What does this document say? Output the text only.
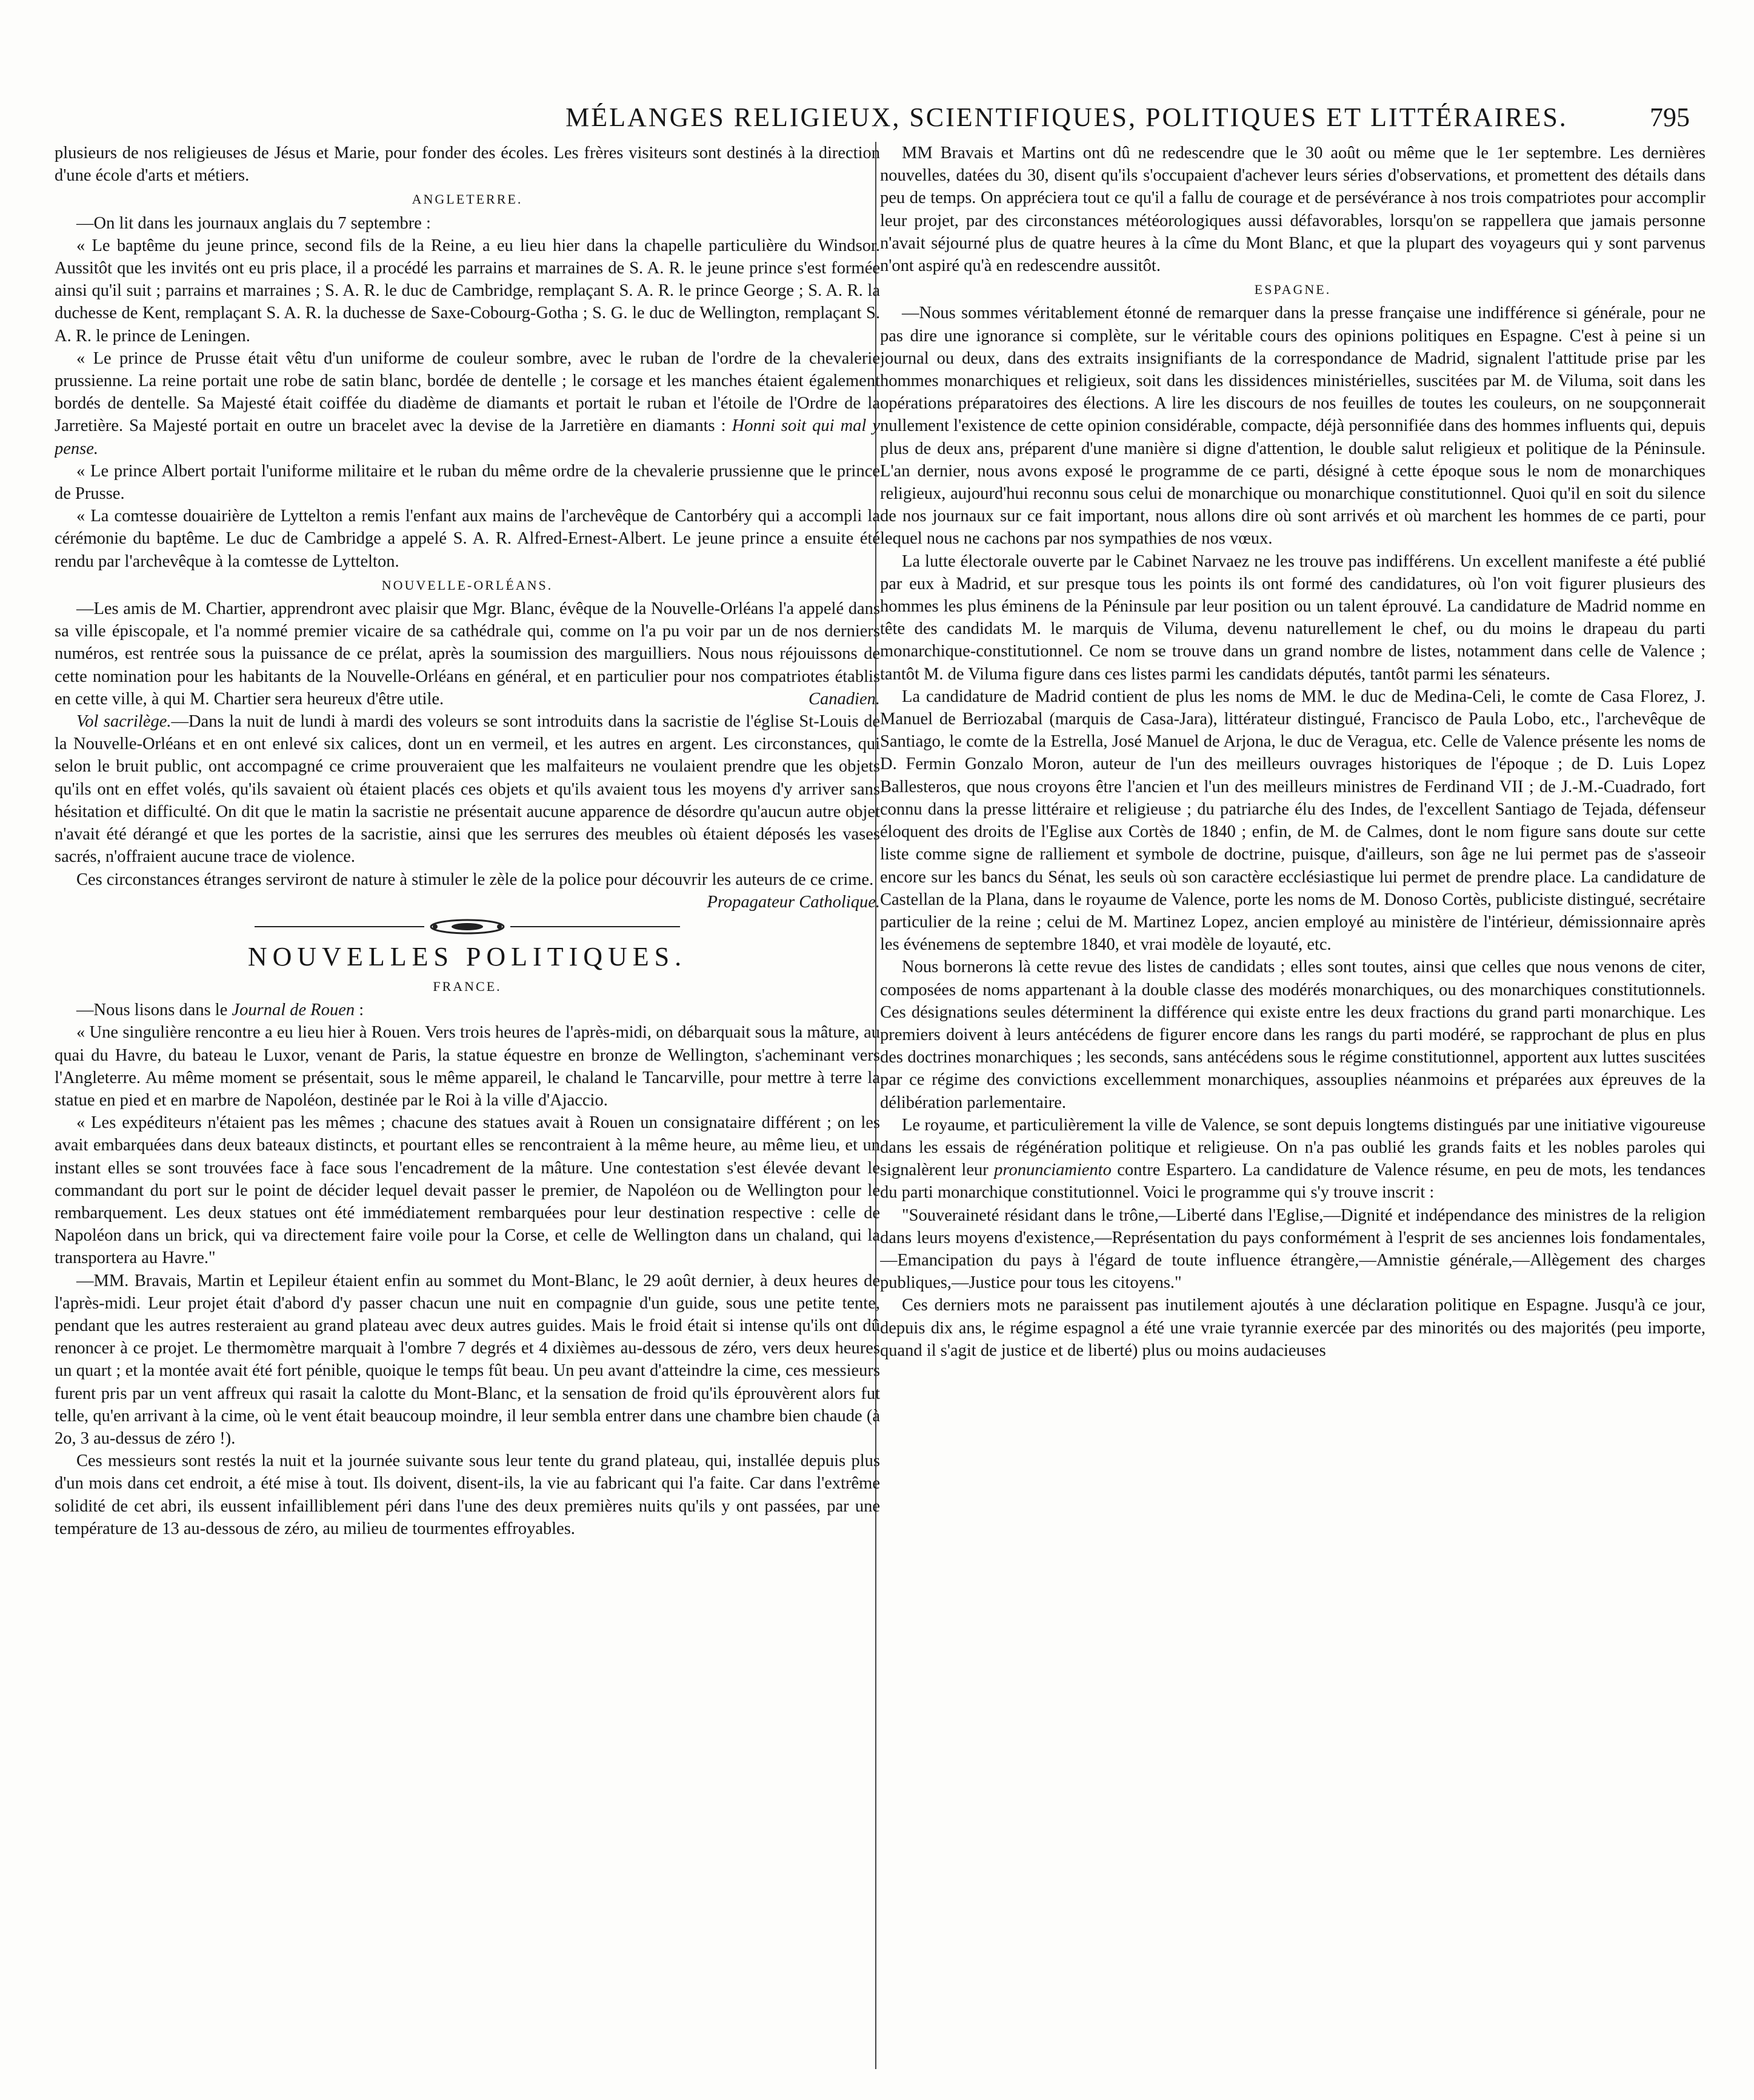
MÉLANGES RELIGIEUX, SCIENTIFIQUES, POLITIQUES ET LITTÉRAIRES.	795

plusieurs de nos religieuses de Jésus et Marie, pour fonder des écoles. Les frères visiteurs sont destinés à la direction d'une école d'arts et métiers.

ANGLETERRE.

—On lit dans les journaux anglais du 7 septembre :

« Le baptême du jeune prince, second fils de la Reine, a eu lieu hier dans la chapelle particulière du Windsor. Aussitôt que les invités ont eu pris place, il a procédé les parrains et marraines de S. A. R. le jeune prince s'est formée ainsi qu'il suit ; parrains et marraines ; S. A. R. le duc de Cambridge, remplaçant S. A. R. le prince George ; S. A. R. la duchesse de Kent, remplaçant S. A. R. la duchesse de Saxe-Cobourg-Gotha ; S. G. le duc de Wellington, remplaçant S. A. R. le prince de Leningen.

« Le prince de Prusse était vêtu d'un uniforme de couleur sombre, avec le ruban de l'ordre de la chevalerie prussienne. La reine portait une robe de satin blanc, bordée de dentelle ; le corsage et les manches étaient également bordés de dentelle. Sa Majesté était coiffée du diadème de diamants et portait le ruban et l'étoile de l'Ordre de la Jarretière. Sa Majesté portait en outre un bracelet avec la devise de la Jarretière en diamants : Honni soit qui mal y pense.

« Le prince Albert portait l'uniforme militaire et le ruban du même ordre de la chevalerie prussienne que le prince de Prusse.

« La comtesse douairière de Lyttelton a remis l'enfant aux mains de l'archevêque de Cantorbéry qui a accompli la cérémonie du baptême. Le duc de Cambridge a appelé S. A. R. Alfred-Ernest-Albert. Le jeune prince a ensuite été rendu par l'archevêque à la comtesse de Lyttelton.

NOUVELLE-ORLÉANS.

—Les amis de M. Chartier, apprendront avec plaisir que Mgr. Blanc, évêque de la Nouvelle-Orléans l'a appelé dans sa ville épiscopale, et l'a nommé premier vicaire de sa cathédrale qui, comme on l'a pu voir par un de nos derniers numéros, est rentrée sous la puissance de ce prélat, après la soumission des marguilliers. Nous nous réjouissons de cette nomination pour les habitants de la Nouvelle-Orléans en général, et en particulier pour nos compatriotes établis en cette ville, à qui M. Chartier sera heureux d'être utile.	Canadien.

Vol sacrilège.—Dans la nuit de lundi à mardi des voleurs se sont introduits dans la sacristie de l'église St-Louis de la Nouvelle-Orléans et en ont enlevé six calices, dont un en vermeil, et les autres en argent. Les circonstances, qui selon le bruit public, ont accompagné ce crime prouveraient que les malfaiteurs ne voulaient prendre que les objets qu'ils ont en effet volés, qu'ils savaient où étaient placés ces objets et qu'ils avaient tous les moyens d'y arriver sans hésitation et difficulté. On dit que le matin la sacristie ne présentait aucune apparence de désordre qu'aucun autre objet n'avait été dérangé et que les portes de la sacristie, ainsi que les serrures des meubles où étaient déposés les vases sacrés, n'offraient aucune trace de violence.

Ces circonstances étranges serviront de nature à stimuler le zèle de la police pour découvrir les auteurs de ce crime.
Propagateur Catholique.

NOUVELLES POLITIQUES.
FRANCE.

—Nous lisons dans le Journal de Rouen :

« Une singulière rencontre a eu lieu hier à Rouen. Vers trois heures de l'après-midi, on débarquait sous la mâture, au quai du Havre, du bateau le Luxor, venant de Paris, la statue équestre en bronze de Wellington, s'acheminant vers l'Angleterre. Au même moment se présentait, sous le même appareil, le chaland le Tancarville, pour mettre à terre la statue en pied et en marbre de Napoléon, destinée par le Roi à la ville d'Ajaccio.

« Les expéditeurs n'étaient pas les mêmes ; chacune des statues avait à Rouen un consignataire différent ; on les avait embarquées dans deux bateaux distincts, et pourtant elles se rencontraient à la même heure, au même lieu, et un instant elles se sont trouvées face à face sous l'encadrement de la mâture. Une contestation s'est élevée devant le commandant du port sur le point de décider lequel devait passer le premier, de Napoléon ou de Wellington pour le rembarquement. Les deux statues ont été immédiatement rembarquées pour leur destination respective : celle de Napoléon dans un brick, qui va directement faire voile pour la Corse, et celle de Wellington dans un chaland, qui la transportera au Havre."

—MM. Bravais, Martin et Lepileur étaient enfin au sommet du Mont-Blanc, le 29 août dernier, à deux heures de l'après-midi. Leur projet était d'abord d'y passer chacun une nuit en compagnie d'un guide, sous une petite tente, pendant que les autres resteraient au grand plateau avec deux autres guides. Mais le froid était si intense qu'ils ont dû renoncer à ce projet. Le thermomètre marquait à l'ombre 7 degrés et 4 dixièmes au-dessous de zéro, vers deux heures un quart ; et la montée avait été fort pénible, quoique le temps fût beau. Un peu avant d'atteindre la cime, ces messieurs furent pris par un vent affreux qui rasait la calotte du Mont-Blanc, et la sensation de froid qu'ils éprouvèrent alors fut telle, qu'en arrivant à la cime, où le vent était beaucoup moindre, il leur sembla entrer dans une chambre bien chaude (à 2o, 3 au-dessus de zéro !).

Ces messieurs sont restés la nuit et la journée suivante sous leur tente du grand plateau, qui, installée depuis plus d'un mois dans cet endroit, a été mise à tout. Ils doivent, disent-ils, la vie au fabricant qui l'a faite. Car dans l'extrême solidité de cet abri, ils eussent infailliblement péri dans l'une des deux premières nuits qu'ils y ont passées, par une température de 13 au-dessous de zéro, au milieu de tourmentes effroyables.

MM Bravais et Martins ont dû ne redescendre que le 30 août ou même que le 1er septembre. Les dernières nouvelles, datées du 30, disent qu'ils s'occupaient d'achever leurs séries d'observations, et promettent des détails dans peu de temps. On appréciera tout ce qu'il a fallu de courage et de persévérance à nos trois compatriotes pour accomplir leur projet, par des circonstances météorologiques aussi défavorables, lorsqu'on se rappellera que jamais personne n'avait séjourné plus de quatre heures à la cîme du Mont Blanc, et que la plupart des voyageurs qui y sont parvenus n'ont aspiré qu'à en redescendre aussitôt.

ESPAGNE.

—Nous sommes véritablement étonné de remarquer dans la presse française une indifférence si générale, pour ne pas dire une ignorance si complète, sur le véritable cours des opinions politiques en Espagne. C'est à peine si un journal ou deux, dans des extraits insignifiants de la correspondance de Madrid, signalent l'attitude prise par les hommes monarchiques et religieux, soit dans les dissidences ministérielles, suscitées par M. de Viluma, soit dans les opérations préparatoires des élections. A lire les discours de nos feuilles de toutes les couleurs, on ne soupçonnerait nullement l'existence de cette opinion considérable, compacte, déjà personnifiée dans des hommes influents qui, depuis plus de deux ans, préparent d'une manière si digne d'attention, le double salut religieux et politique de la Péninsule. L'an dernier, nous avons exposé le programme de ce parti, désigné à cette époque sous le nom de monarchiques religieux, aujourd'hui reconnu sous celui de monarchique ou monarchique constitutionnel. Quoi qu'il en soit du silence de nos journaux sur ce fait important, nous allons dire où sont arrivés et où marchent les hommes de ce parti, pour lequel nous ne cachons par nos sympathies de nos vœux.

La lutte électorale ouverte par le Cabinet Narvaez ne les trouve pas indifférens. Un excellent manifeste a été publié par eux à Madrid, et sur presque tous les points ils ont formé des candidatures, où l'on voit figurer plusieurs des hommes les plus éminens de la Péninsule par leur position ou un talent éprouvé. La candidature de Madrid nomme en tête des candidats M. le marquis de Viluma, devenu naturellement le chef, ou du moins le drapeau du parti monarchique-constitutionnel. Ce nom se trouve dans un grand nombre de listes, notamment dans celle de Valence ; tantôt M. de Viluma figure dans ces listes parmi les candidats députés, tantôt parmi les sénateurs.

La candidature de Madrid contient de plus les noms de MM. le duc de Medina-Celi, le comte de Casa Florez, J. Manuel de Berriozabal (marquis de Casa-Jara), littérateur distingué, Francisco de Paula Lobo, etc., l'archevêque de Santiago, le comte de la Estrella, José Manuel de Arjona, le duc de Veragua, etc. Celle de Valence présente les noms de D. Fermin Gonzalo Moron, auteur de l'un des meilleurs ouvrages historiques de l'époque ; de D. Luis Lopez Ballesteros, que nous croyons être l'ancien et l'un des meilleurs ministres de Ferdinand VII ; de J.-M.-Cuadrado, fort connu dans la presse littéraire et religieuse ; du patriarche élu des Indes, de l'excellent Santiago de Tejada, défenseur éloquent des droits de l'Eglise aux Cortès de 1840 ; enfin, de M. de Calmes, dont le nom figure sans doute sur cette liste comme signe de ralliement et symbole de doctrine, puisque, d'ailleurs, son âge ne lui permet pas de s'asseoir encore sur les bancs du Sénat, les seuls où son caractère ecclésiastique lui permet de prendre place. La candidature de Castellan de la Plana, dans le royaume de Valence, porte les noms de M. Donoso Cortès, publiciste distingué, secrétaire particulier de la reine ; celui de M. Martinez Lopez, ancien employé au ministère de l'intérieur, démissionnaire après les événemens de septembre 1840, et vrai modèle de loyauté, etc.

Nous bornerons là cette revue des listes de candidats ; elles sont toutes, ainsi que celles que nous venons de citer, composées de noms appartenant à la double classe des modérés monarchiques, ou des monarchiques constitutionnels. Ces désignations seules déterminent la différence qui existe entre les deux fractions du grand parti monarchique. Les premiers doivent à leurs antécédens de figurer encore dans les rangs du parti modéré, se rapprochant de plus en plus des doctrines monarchiques ; les seconds, sans antécédens sous le régime constitutionnel, apportent aux luttes suscitées par ce régime des convictions excellemment monarchiques, assouplies néanmoins et préparées aux épreuves de la délibération parlementaire.

Le royaume, et particulièrement la ville de Valence, se sont depuis longtems distingués par une initiative vigoureuse dans les essais de régénération politique et religieuse. On n'a pas oublié les grands faits et les nobles paroles qui signalèrent leur pronunciamiento contre Espartero. La candidature de Valence résume, en peu de mots, les tendances du parti monarchique constitutionnel. Voici le programme qui s'y trouve inscrit :

"Souveraineté résidant dans le trône,—Liberté dans l'Eglise,—Dignité et indépendance des ministres de la religion dans leurs moyens d'existence,—Représentation du pays conformément à l'esprit de ses anciennes lois fondamentales,—Emancipation du pays à l'égard de toute influence étrangère,—Amnistie générale,—Allègement des charges publiques,—Justice pour tous les citoyens."

Ces derniers mots ne paraissent pas inutilement ajoutés à une déclaration politique en Espagne. Jusqu'à ce jour, depuis dix ans, le régime espagnol a été une vraie tyrannie exercée par des minorités ou des majorités (peu importe, quand il s'agit de justice et de liberté) plus ou moins audacieuses
